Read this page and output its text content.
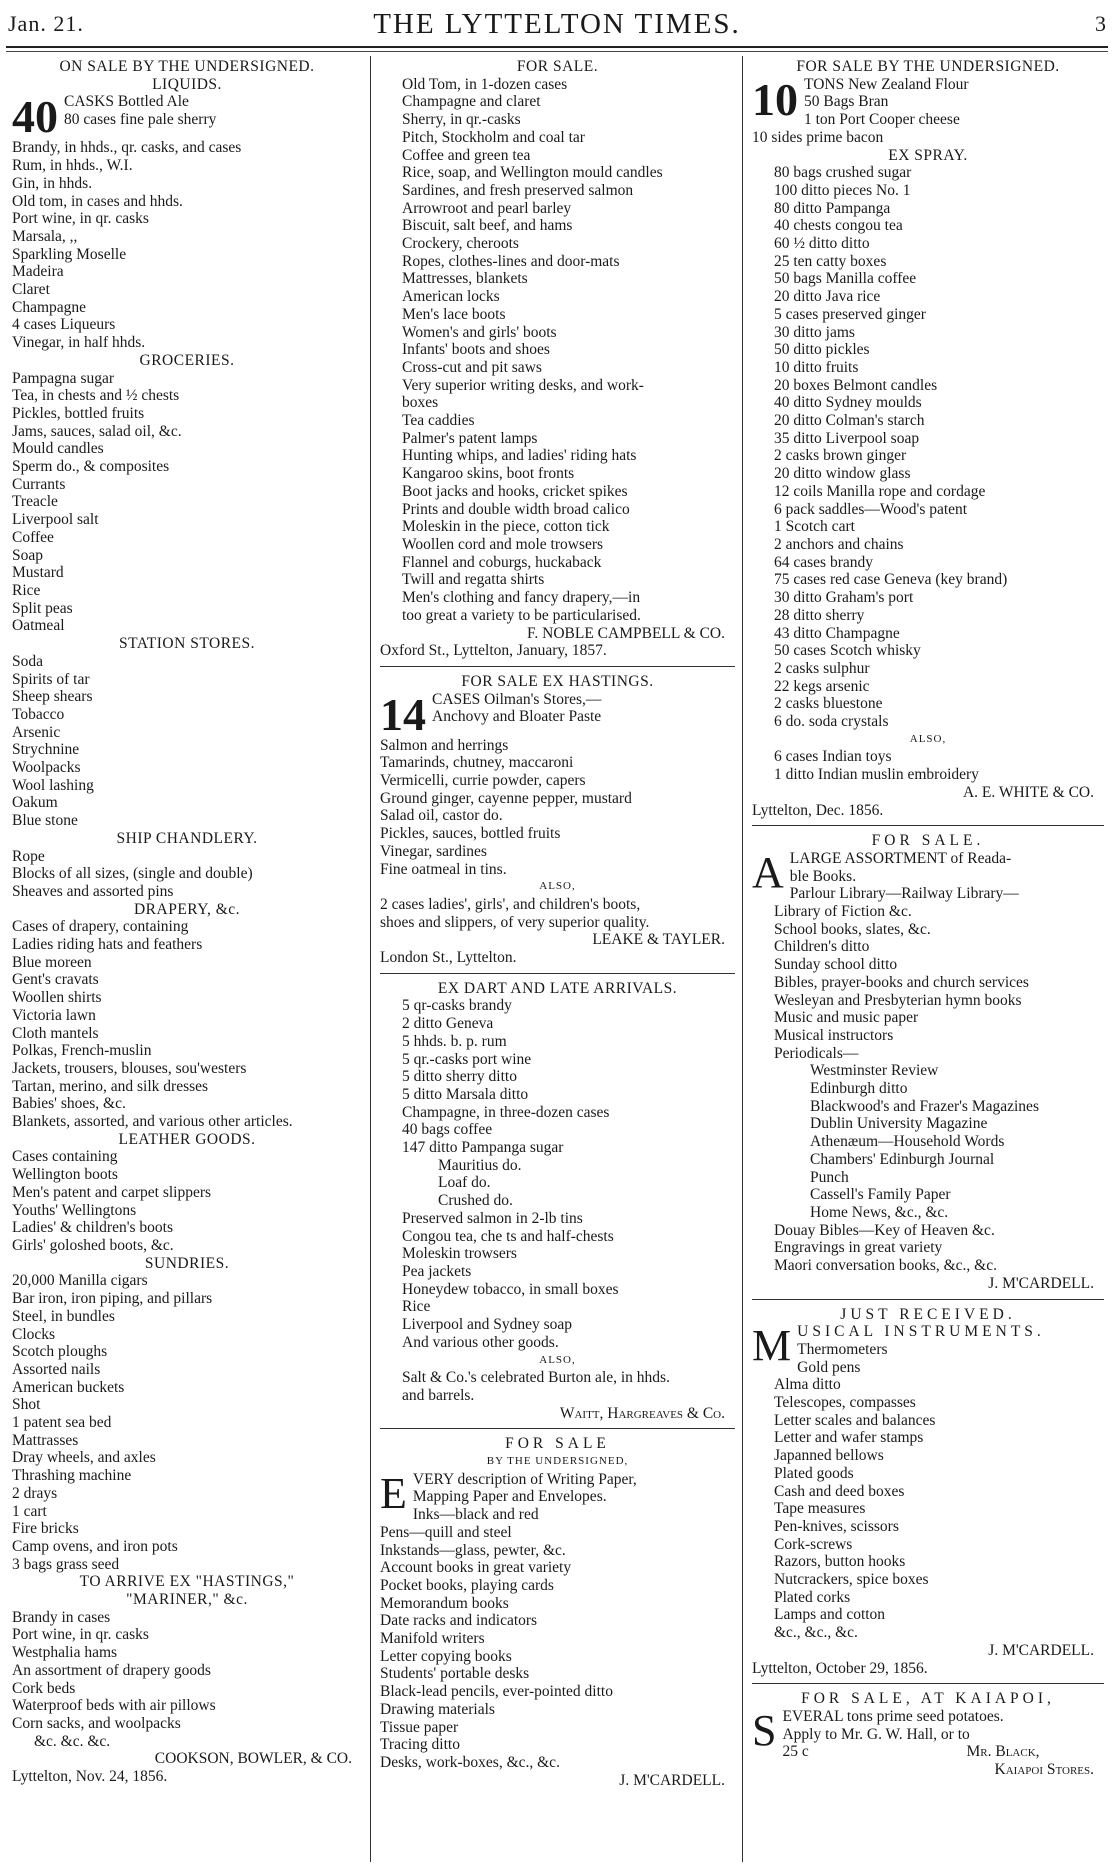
Jan. 21.	THE LYTTELTON TIMES.	3
ON SALE BY THE UNDERSIGNED.
LIQUIDS.
40 CASKS Bottled Ale
80 cases fine pale sherry
Brandy, in hhds., qr. casks, and cases
Rum, in hhds., W.I.
Gin, in hhds.
Old tom, in cases and hhds.
Port wine, in qr. casks
Marsala, ,,
Sparkling Moselle
Madeira
Claret
Champagne
4 cases Liqueurs
Vinegar, in half hhds.
GROCERIES.
Pampagna sugar
Tea, in chests and ½ chests
Pickles, bottled fruits
Jams, sauces, salad oil, &c.
Mould candles
Sperm do., & composites
Currants
Treacle
Liverpool salt
Coffee
Soap
Mustard
Rice
Split peas
Oatmeal
STATION STORES.
Soda
Spirits of tar
Sheep shears
Tobacco
Arsenic
Strychnine
Woolpacks
Wool lashing
Oakum
Blue stone
SHIP CHANDLERY.
Rope
Blocks of all sizes, (single and double)
Sheaves and assorted pins
DRAPERY, &c.
Cases of drapery, containing
Ladies riding hats and feathers
Blue moreen
Gent's cravats
Woollen shirts
Victoria lawn
Cloth mantels
Polkas, French-muslin
Jackets, trousers, blouses, sou'westers
Tartan, merino, and silk dresses
Babies' shoes, &c.
Blankets, assorted, and various other articles.
LEATHER GOODS.
Cases containing
Wellington boots
Men's patent and carpet slippers
Youths' Wellingtons
Ladies' & children's boots
Girls' goloshed boots, &c.
SUNDRIES.
20,000 Manilla cigars
Bar iron, iron piping, and pillars
Steel, in bundles
Clocks
Scotch ploughs
Assorted nails
American buckets
Shot
1 patent sea bed
Mattrasses
Dray wheels, and axles
Thrashing machine
2 drays
1 cart
Fire bricks
Camp ovens, and iron pots
3 bags grass seed
TO ARRIVE EX "HASTINGS,"
"MARINER," &c.
Brandy in cases
Port wine, in qr. casks
Westphalia hams
An assortment of drapery goods
Cork beds
Waterproof beds with air pillows
Corn sacks, and woolpacks
&c. &c. &c.
COOKSON, BOWLER, & CO.
Lyttelton, Nov. 24, 1856.
FOR SALE.
Old Tom, in 1-dozen cases
Champagne and claret
Sherry, in qr.-casks
Pitch, Stockholm and coal tar
Coffee and green tea
Rice, soap, and Wellington mould candles
Sardines, and fresh preserved salmon
Arrowroot and pearl barley
Biscuit, salt beef, and hams
Crockery, cheroots
Ropes, clothes-lines and door-mats
Mattresses, blankets
American locks
Men's lace boots
Women's and girls' boots
Infants' boots and shoes
Cross-cut and pit saws
Very superior writing desks, and work-
boxes
Tea caddies
Palmer's patent lamps
Hunting whips, and ladies' riding hats
Kangaroo skins, boot fronts
Boot jacks and hooks, cricket spikes
Prints and double width broad calico
Moleskin in the piece, cotton tick
Woollen cord and mole trowsers
Flannel and coburgs, huckaback
Twill and regatta shirts
Men's clothing and fancy drapery,—in
too great a variety to be particularised.
F. NOBLE CAMPBELL & CO.
Oxford St., Lyttelton, January, 1857.
FOR SALE EX HASTINGS.
14 CASES Oilman's Stores,—
Anchovy and Bloater Paste
Salmon and herrings
Tamarinds, chutney, maccaroni
Vermicelli, currie powder, capers
Ground ginger, cayenne pepper, mustard
Salad oil, castor do.
Pickles, sauces, bottled fruits
Vinegar, sardines
Fine oatmeal in tins.
ALSO,
2 cases ladies', girls', and children's boots,
shoes and slippers, of very superior quality.
LEAKE & TAYLER.
London St., Lyttelton.
EX DART AND LATE ARRIVALS.
5 qr-casks brandy
2 ditto Geneva
5 hhds. b. p. rum
5 qr.-casks port wine
5 ditto sherry ditto
5 ditto Marsala ditto
Champagne, in three-dozen cases
40 bags coffee
147 ditto Pampanga sugar
Mauritius do.
Loaf do.
Crushed do.
Preserved salmon in 2-lb tins
Congou tea, che ts and half-chests
Moleskin trowsers
Pea jackets
Honeydew tobacco, in small boxes
Rice
Liverpool and Sydney soap
And various other goods.
ALSO,
Salt & Co.'s celebrated Burton ale, in hhds.
and barrels.
Waitt, Hargreaves & Co.
FOR SALE
BY THE UNDERSIGNED,
E VERY description of Writing Paper,
Mapping Paper and Envelopes.
Inks—black and red
Pens—quill and steel
Inkstands—glass, pewter, &c.
Account books in great variety
Pocket books, playing cards
Memorandum books
Date racks and indicators
Manifold writers
Letter copying books
Students' portable desks
Black-lead pencils, ever-pointed ditto
Drawing materials
Tissue paper
Tracing ditto
Desks, work-boxes, &c., &c.
J. M'CARDELL.
FOR SALE BY THE UNDERSIGNED.
10 TONS New Zealand Flour
50 Bags Bran
1 ton Port Cooper cheese
10 sides prime bacon
EX SPRAY.
80 bags crushed sugar
100 ditto pieces No. 1
80 ditto Pampanga
40 chests congou tea
60 ½ ditto ditto
25 ten catty boxes
50 bags Manilla coffee
20 ditto Java rice
5 cases preserved ginger
30 ditto jams
50 ditto pickles
10 ditto fruits
20 boxes Belmont candles
40 ditto Sydney moulds
20 ditto Colman's starch
35 ditto Liverpool soap
2 casks brown ginger
20 ditto window glass
12 coils Manilla rope and cordage
6 pack saddles—Wood's patent
1 Scotch cart
2 anchors and chains
64 cases brandy
75 cases red case Geneva (key brand)
30 ditto Graham's port
28 ditto sherry
43 ditto Champagne
50 cases Scotch whisky
2 casks sulphur
22 kegs arsenic
2 casks bluestone
6 do. soda crystals
ALSO,
6 cases Indian toys
1 ditto Indian muslin embroidery
A. E. WHITE & CO.
Lyttelton, Dec. 1856.
FOR SALE.
A LARGE ASSORTMENT of Reada-
ble Books.
Parlour Library—Railway Library—
Library of Fiction &c.
School books, slates, &c.
Children's ditto
Sunday school ditto
Bibles, prayer-books and church services
Wesleyan and Presbyterian hymn books
Music and music paper
Musical instructors
Periodicals—
Westminster Review
Edinburgh ditto
Blackwood's and Frazer's Magazines
Dublin University Magazine
Athenæum—Household Words
Chambers' Edinburgh Journal
Punch
Cassell's Family Paper
Home News, &c., &c.
Douay Bibles—Key of Heaven &c.
Engravings in great variety
Maori conversation books, &c., &c.
J. M'CARDELL.
JUST RECEIVED.
M USICAL INSTRUMENTS.
Thermometers
Gold pens
Alma ditto
Telescopes, compasses
Letter scales and balances
Letter and wafer stamps
Japanned bellows
Plated goods
Cash and deed boxes
Tape measures
Pen-knives, scissors
Cork-screws
Razors, button hooks
Nutcrackers, spice boxes
Plated corks
Lamps and cotton
&c., &c., &c.
J. M'CARDELL.
Lyttelton, October 29, 1856.
FOR SALE, AT KAIAPOI,
S EVERAL tons prime seed potatoes.
Apply to Mr. G. W. Hall, or to
25 c	Mr. Black,
Kaiapoi Stores.
